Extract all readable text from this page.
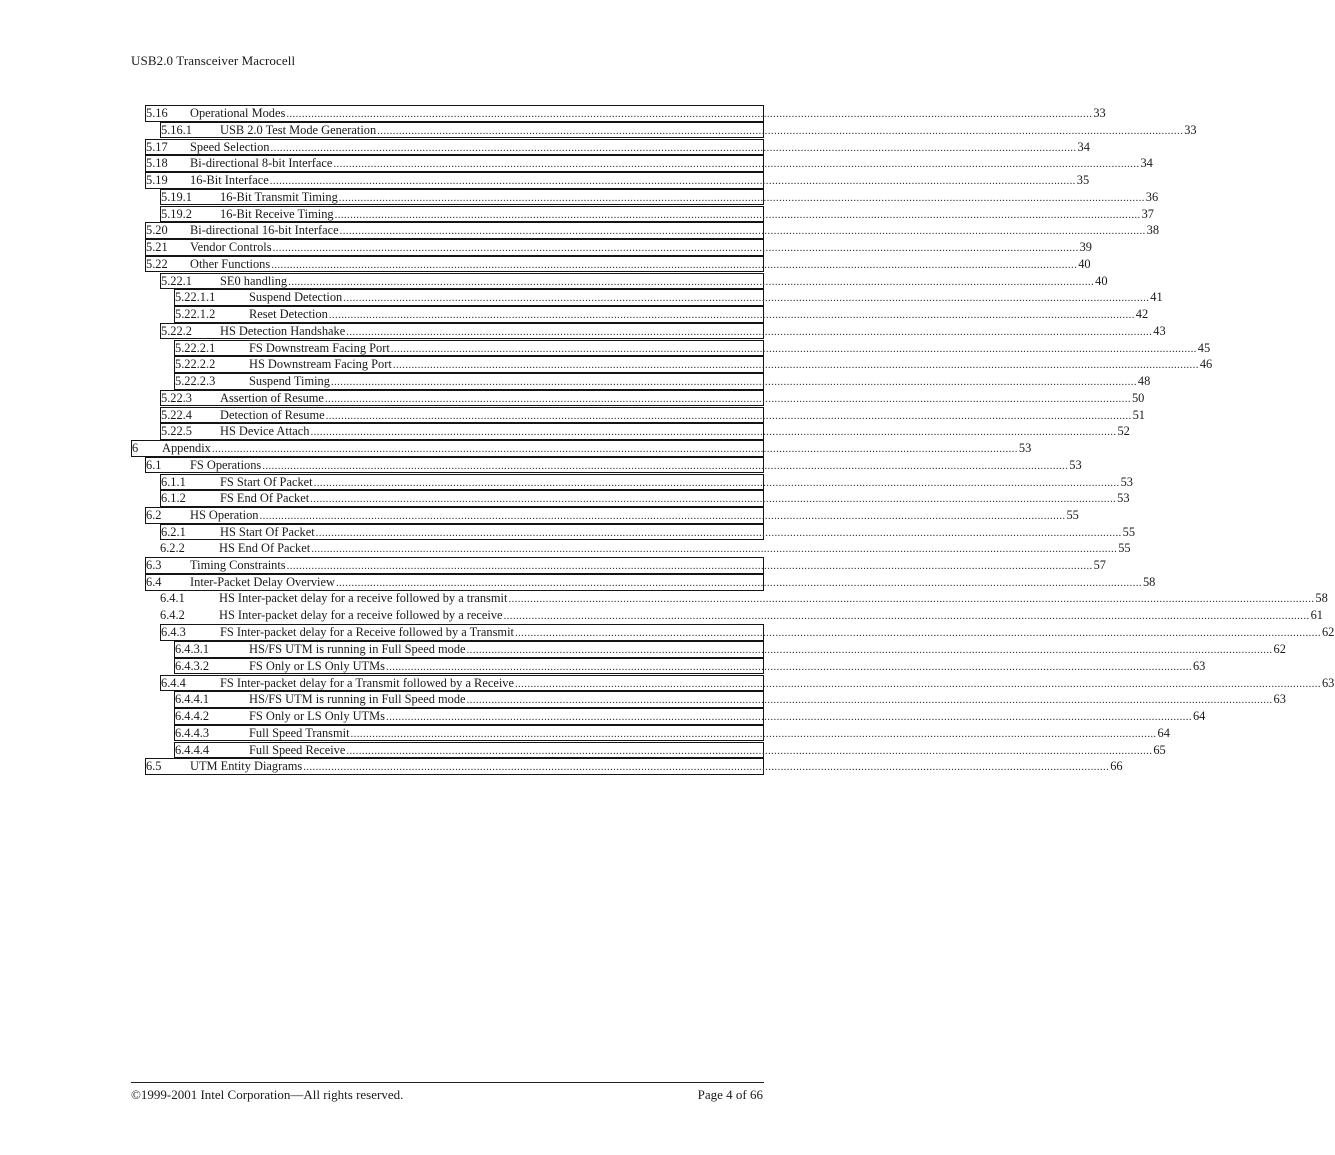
USB2.0 Transceiver Macrocell
5.16 Operational Modes .................................................................................................................................................................................................................................................................... 33
5.16.1 USB 2.0 Test Mode Generation .................................................................................................................................................................................................................................................................... 33
5.17 Speed Selection .................................................................................................................................................................................................................................................................... 34
5.18 Bi-directional 8-bit Interface .................................................................................................................................................................................................................................................................... 34
5.19 16-Bit Interface .................................................................................................................................................................................................................................................................... 35
5.19.1 16-Bit Transmit Timing .................................................................................................................................................................................................................................................................... 36
5.19.2 16-Bit Receive Timing .................................................................................................................................................................................................................................................................... 37
5.20 Bi-directional 16-bit Interface .................................................................................................................................................................................................................................................................... 38
5.21 Vendor Controls .................................................................................................................................................................................................................................................................... 39
5.22 Other Functions .................................................................................................................................................................................................................................................................... 40
5.22.1 SE0 handling .................................................................................................................................................................................................................................................................... 40
5.22.1.1	Suspend Detection .................................................................................................................................................................................................................................................................... 41
5.22.1.2	Reset Detection .................................................................................................................................................................................................................................................................... 42
5.22.2 HS Detection Handshake .................................................................................................................................................................................................................................................................... 43
5.22.2.1	FS Downstream Facing Port .................................................................................................................................................................................................................................................................... 45
5.22.2.2	HS Downstream Facing Port .................................................................................................................................................................................................................................................................... 46
5.22.2.3	Suspend Timing .................................................................................................................................................................................................................................................................... 48
5.22.3 Assertion of Resume .................................................................................................................................................................................................................................................................... 50
5.22.4 Detection of Resume .................................................................................................................................................................................................................................................................... 51
5.22.5 HS Device Attach .................................................................................................................................................................................................................................................................... 52
6 Appendix .................................................................................................................................................................................................................................................................... 53
6.1 FS Operations .................................................................................................................................................................................................................................................................... 53
6.1.1	FS Start Of Packet .................................................................................................................................................................................................................................................................... 53
6.1.2	FS End Of Packet .................................................................................................................................................................................................................................................................... 53
6.2 HS Operation .................................................................................................................................................................................................................................................................... 55
6.2.1	HS Start Of Packet .................................................................................................................................................................................................................................................................... 55
6.2.2	HS End Of Packet .................................................................................................................................................................................................................................................................... 55
6.3 Timing Constraints .................................................................................................................................................................................................................................................................... 57
6.4 Inter-Packet Delay Overview .................................................................................................................................................................................................................................................................... 58
6.4.1	HS Inter-packet delay for a receive followed by a transmit .................................................................................................................................................................................................................................................................... 58
6.4.2	HS Inter-packet delay for a receive followed by a receive .................................................................................................................................................................................................................................................................... 61
6.4.3	FS Inter-packet delay for a Receive followed by a Transmit .................................................................................................................................................................................................................................................................... 62
6.4.3.1	HS/FS UTM is running in Full Speed mode .................................................................................................................................................................................................................................................................... 62
6.4.3.2	FS Only or LS Only UTMs .................................................................................................................................................................................................................................................................... 63
6.4.4	FS Inter-packet delay for a Transmit followed by a Receive .................................................................................................................................................................................................................................................................... 63
6.4.4.1	HS/FS UTM is running in Full Speed mode .................................................................................................................................................................................................................................................................... 63
6.4.4.2	FS Only or LS Only UTMs .................................................................................................................................................................................................................................................................... 64
6.4.4.3	Full Speed Transmit .................................................................................................................................................................................................................................................................... 64
6.4.4.4	Full Speed Receive .................................................................................................................................................................................................................................................................... 65
6.5 UTM Entity Diagrams .................................................................................................................................................................................................................................................................... 66
©1999-2001 Intel Corporation—All rights reserved.	Page 4 of 66
